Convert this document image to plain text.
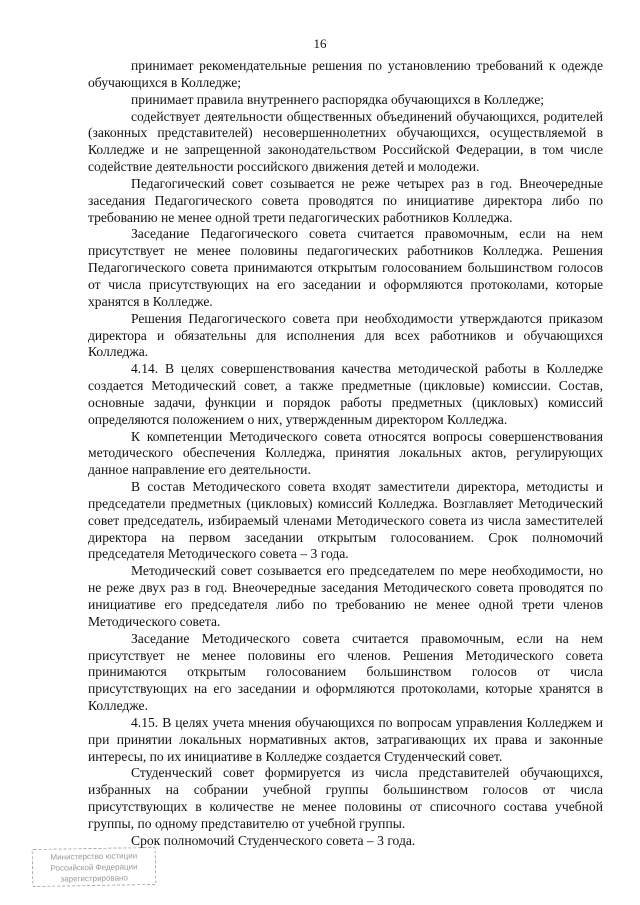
16

принимает рекомендательные решения по установлению требований к одежде обучающихся в Колледже;

принимает правила внутреннего распорядка обучающихся в Колледже;

содействует деятельности общественных объединений обучающихся, родителей (законных представителей) несовершеннолетних обучающихся, осуществляемой в Колледже и не запрещенной законодательством Российской Федерации, в том числе содействие деятельности российского движения детей и молодежи.

Педагогический совет созывается не реже четырех раз в год. Внеочередные заседания Педагогического совета проводятся по инициативе директора либо по требованию не менее одной трети педагогических работников Колледжа.

Заседание Педагогического совета считается правомочным, если на нем присутствует не менее половины педагогических работников Колледжа. Решения Педагогического совета принимаются открытым голосованием большинством голосов от числа присутствующих на его заседании и оформляются протоколами, которые хранятся в Колледже.

Решения Педагогического совета при необходимости утверждаются приказом директора и обязательны для исполнения для всех работников и обучающихся Колледжа.

4.14. В целях совершенствования качества методической работы в Колледже создается Методический совет, а также предметные (цикловые) комиссии. Состав, основные задачи, функции и порядок работы предметных (цикловых) комиссий определяются положением о них, утвержденным директором Колледжа.

К компетенции Методического совета относятся вопросы совершенствования методического обеспечения Колледжа, принятия локальных актов, регулирующих данное направление его деятельности.

В состав Методического совета входят заместители директора, методисты и председатели предметных (цикловых) комиссий Колледжа. Возглавляет Методический совет председатель, избираемый членами Методического совета из числа заместителей директора на первом заседании открытым голосованием. Срок полномочий председателя Методического совета – 3 года.

Методический совет созывается его председателем по мере необходимости, но не реже двух раз в год. Внеочередные заседания Методического совета проводятся по инициативе его председателя либо по требованию не менее одной трети членов Методического совета.

Заседание Методического совета считается правомочным, если на нем присутствует не менее половины его членов. Решения Методического совета принимаются открытым голосованием большинством голосов от числа присутствующих на его заседании и оформляются протоколами, которые хранятся в Колледже.

4.15. В целях учета мнения обучающихся по вопросам управления Колледжем и при принятии локальных нормативных актов, затрагивающих их права и законные интересы, по их инициативе в Колледже создается Студенческий совет.

Студенческий совет формируется из числа представителей обучающихся, избранных на собрании учебной группы большинством голосов от числа присутствующих в количестве не менее половины от списочного состава учебной группы, по одному представителю от учебной группы.

Срок полномочий Студенческого совета – 3 года.

Министерство юстиции
Российской Федерации
зарегистрировано
